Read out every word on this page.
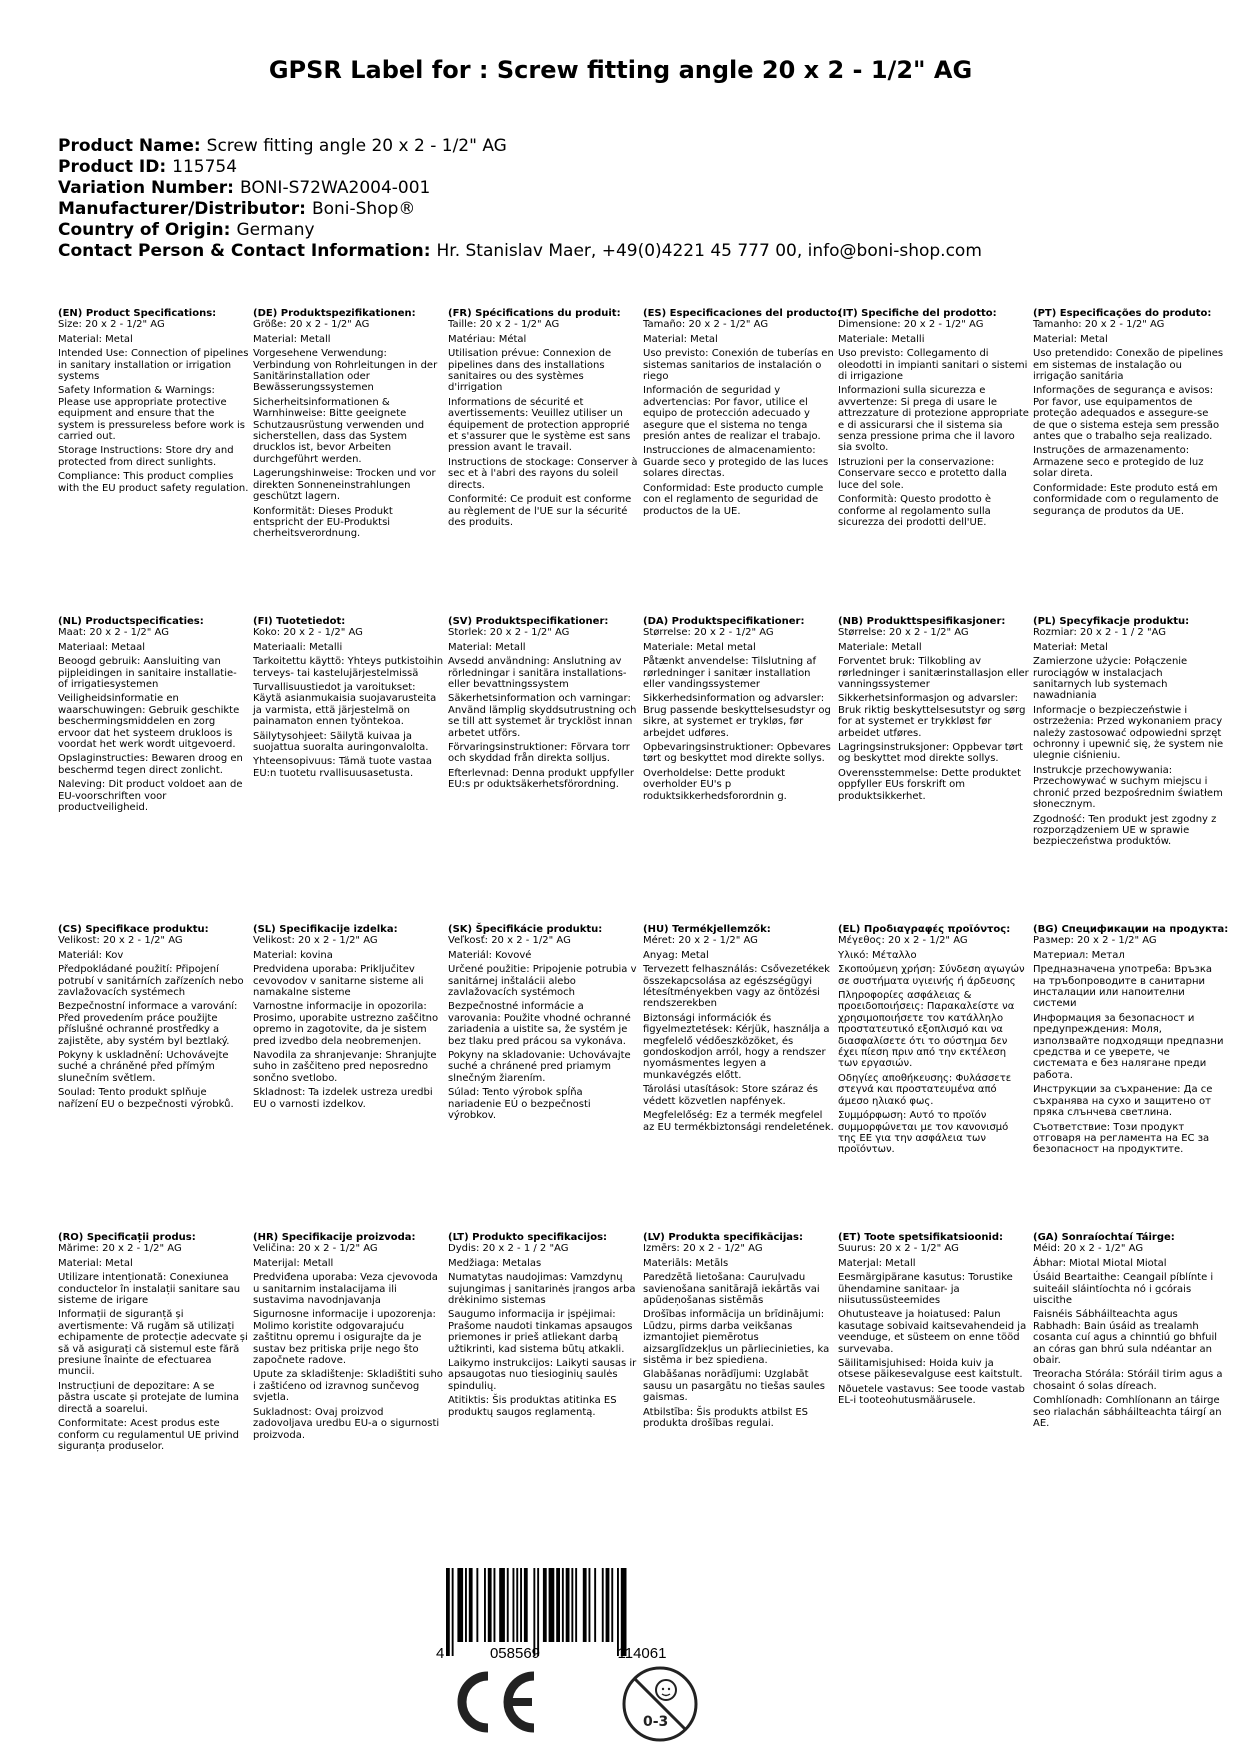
GPSR Label for : Screw fitting angle 20 x 2 - 1/2" AG
Product Name: Screw fitting angle 20 x 2 - 1/2" AG
Product ID: 115754
Variation Number: BONI-S72WA2004-001
Manufacturer/Distributor: Boni-Shop®
Country of Origin: Germany
Contact Person & Contact Information: Hr. Stanislav Maer, +49(0)4221 45 777 00, info@boni-shop.com
(EN) Product Specifications:
Size: 20 x 2 - 1/2" AG
Material: Metal
Intended Use: Connection of pipelines in sanitary installation or irrigation systems
Safety Information & Warnings: Please use appropriate protective equipment and ensure that the system is pressureless before work is carried out.
Storage Instructions: Store dry and protected from direct sunlights.
Compliance: This product complies with the EU product safety regulation.
(DE) Produktspezifikationen:
Größe: 20 x 2 - 1/2" AG
Material: Metall
Vorgesehene Verwendung: Verbindung von Rohrleitungen in der Sanitärinstallation oder Bewässerungssystemen
Sicherheitsinformationen & Warnhinweise: Bitte geeignete Schutzausrüstung verwenden und sicherstellen, dass das System drucklos ist, bevor Arbeiten durchgeführt werden.
Lagerungshinweise: Trocken und vor direkten Sonneneinstrahlungen geschützt lagern.
Konformität: Dieses Produkt entspricht der EU-Produktsi cherheitsverordnung.
(FR) Spécifications du produit:
Taille: 20 x 2 - 1/2" AG
Matériau: Métal
Utilisation prévue: Connexion de pipelines dans des installations sanitaires ou des systèmes d'irrigation
Informations de sécurité et avertissements: Veuillez utiliser un équipement de protection approprié et s'assurer que le système est sans pression avant le travail.
Instructions de stockage: Conserver à sec et à l'abri des rayons du soleil directs.
Conformité: Ce produit est conforme au règlement de l'UE sur la sécurité des produits.
(ES) Especificaciones del producto:
Tamaño: 20 x 2 - 1/2" AG
Material: Metal
Uso previsto: Conexión de tuberías en sistemas sanitarios de instalación o riego
Información de seguridad y advertencias: Por favor, utilice el equipo de protección adecuado y asegure que el sistema no tenga presión antes de realizar el trabajo.
Instrucciones de almacenamiento: Guarde seco y protegido de las luces solares directas.
Conformidad: Este producto cumple con el reglamento de seguridad de productos de la UE.
(IT) Specifiche del prodotto:
Dimensione: 20 x 2 - 1/2" AG
Materiale: Metalli
Uso previsto: Collegamento di oleodotti in impianti sanitari o sistemi di irrigazione
Informazioni sulla sicurezza e avvertenze: Si prega di usare le attrezzature di protezione appropriate e di assicurarsi che il sistema sia senza pressione prima che il lavoro sia svolto.
Istruzioni per la conservazione: Conservare secco e protetto dalla luce del sole.
Conformità: Questo prodotto è conforme al regolamento sulla sicurezza dei prodotti dell'UE.
(PT) Especificações do produto:
Tamanho: 20 x 2 - 1/2" AG
Material: Metal
Uso pretendido: Conexão de pipelines em sistemas de instalação ou irrigação sanitária
Informações de segurança e avisos: Por favor, use equipamentos de proteção adequados e assegure-se de que o sistema esteja sem pressão antes que o trabalho seja realizado.
Instruções de armazenamento: Armazene seco e protegido de luz solar direta.
Conformidade: Este produto está em conformidade com o regulamento de segurança de produtos da UE.
(NL) Productspecificaties:
Maat: 20 x 2 - 1/2" AG
Materiaal: Metaal
Beoogd gebruik: Aansluiting van pijpleidingen in sanitaire installatie- of irrigatiesystemen
Veiligheidsinformatie en waarschuwingen: Gebruik geschikte beschermingsmiddelen en zorg ervoor dat het systeem drukloos is voordat het werk wordt uitgevoerd.
Opslaginstructies: Bewaren droog en beschermd tegen direct zonlicht.
Naleving: Dit product voldoet aan de EU-voorschriften voor productveiligheid.
(FI) Tuotetiedot:
Koko: 20 x 2 - 1/2" AG
Materiaali: Metalli
Tarkoitettu käyttö: Yhteys putkistoihin terveys- tai kastelujärjestelmissä
Turvallisuustiedot ja varoitukset: Käytä asianmukaisia suojavarusteita ja varmista, että järjestelmä on painamaton ennen työntekoa.
Säilytysohjeet: Säilytä kuivaa ja suojattua suoralta auringonvalolta.
Yhteensopivuus: Tämä tuote vastaa EU:n tuotetu rvallisuusasetusta.
(SV) Produktspecifikationer:
Storlek: 20 x 2 - 1/2" AG
Material: Metall
Avsedd användning: Anslutning av rörledningar i sanitära installations- eller bevattningssystem
Säkerhetsinformation och varningar: Använd lämplig skyddsutrustning och se till att systemet är trycklöst innan arbetet utförs.
Förvaringsinstruktioner: Förvara torr och skyddad från direkta solljus.
Efterlevnad: Denna produkt uppfyller EU:s pr oduktsäkerhetsförordning.
(DA) Produktspecifikationer:
Størrelse: 20 x 2 - 1/2" AG
Materiale: Metal metal
Påtænkt anvendelse: Tilslutning af rørledninger i sanitær installation eller vandingssystemer
Sikkerhedsinformation og advarsler: Brug passende beskyttelsesudstyr og sikre, at systemet er trykløs, før arbejdet udføres.
Opbevaringsinstruktioner: Opbevares tørt og beskyttet mod direkte sollys.
Overholdelse: Dette produkt overholder EU's p roduktsikkerhedsforordnin g.
(NB) Produkttspesifikasjoner:
Størrelse: 20 x 2 - 1/2" AG
Materiale: Metall
Forventet bruk: Tilkobling av rørledninger i sanitærinstallasjon eller vanningssystemer
Sikkerhetsinformasjon og advarsler: Bruk riktig beskyttelsesutstyr og sørg for at systemet er trykkløst før arbeidet utføres.
Lagringsinstruksjoner: Oppbevar tørt og beskyttet mod direkte sollys.
Overensstemmelse: Dette produktet oppfyller EUs forskrift om produktsikkerhet.
(PL) Specyfikacje produktu:
Rozmiar: 20 x 2 - 1 / 2 "AG
Materiał: Metal
Zamierzone użycie: Połączenie rurociągów w instalacjach sanitarnych lub systemach nawadniania
Informacje o bezpieczeństwie i ostrzeżenia: Przed wykonaniem pracy należy zastosować odpowiedni sprzęt ochronny i upewnić się, że system nie ulegnie ciśnieniu.
Instrukcje przechowywania: Przechowywać w suchym miejscu i chronić przed bezpośrednim światłem słonecznym.
Zgodność: Ten produkt jest zgodny z rozporządzeniem UE w sprawie bezpieczeństwa produktów.
(CS) Specifikace produktu:
Velikost: 20 x 2 - 1/2" AG
Materiál: Kov
Předpokládané použití: Připojení potrubí v sanitárních zařízeních nebo zavlažovacích systémech
Bezpečnostní informace a varování: Před provedením práce použijte příslušné ochranné prostředky a zajistěte, aby systém byl beztlaký.
Pokyny k uskladnění: Uchovávejte suché a chráněné před přímým slunečním světlem.
Soulad: Tento produkt splňuje nařízení EU o bezpečnosti výrobků.
(SL) Specifikacije izdelka:
Velikost: 20 x 2 - 1/2" AG
Material: kovina
Predvidena uporaba: Priključitev cevovodov v sanitarne sisteme ali namakalne sisteme
Varnostne informacije in opozorila: Prosimo, uporabite ustrezno zaščitno opremo in zagotovite, da je sistem pred izvedbo dela neobremenjen.
Navodila za shranjevanje: Shranjujte suho in zaščiteno pred neposredno sončno svetlobo.
Skladnost: Ta izdelek ustreza uredbi EU o varnosti izdelkov.
(SK) Špecifikácie produktu:
Veľkosť: 20 x 2 - 1/2" AG
Materiál: Kovové
Určené použitie: Pripojenie potrubia v sanitárnej inštalácii alebo zavlažovacích systémoch
Bezpečnostné informácie a varovania: Použite vhodné ochranné zariadenia a uistite sa, že systém je bez tlaku pred prácou sa vykonáva.
Pokyny na skladovanie: Uchovávajte suché a chránené pred priamym slnečným žiarením.
Súlad: Tento výrobok spĺňa nariadenie EÚ o bezpečnosti výrobkov.
(HU) Termékjellemzők:
Méret: 20 x 2 - 1/2" AG
Anyag: Metal
Tervezett felhasználás: Csővezetékek összekapcsolása az egészségügyi létesítményekben vagy az öntözési rendszerekben
Biztonsági információk és figyelmeztetések: Kérjük, használja a megfelelő védőeszközöket, és gondoskodjon arról, hogy a rendszer nyomásmentes legyen a munkavégzés előtt.
Tárolási utasítások: Store száraz és védett közvetlen napfények.
Megfelelőség: Ez a termék megfelel az EU termékbiztonsági rendeletének.
(EL) Προδιαγραφές προϊόντος:
Μέγεθος: 20 x 2 - 1/2" AG
Υλικό: Μέταλλο
Σκοπούμενη χρήση: Σύνδεση αγωγών σε συστήματα υγιεινής ή άρδευσης
Πληροφορίες ασφάλειας & προειδοποιήσεις: Παρακαλείστε να χρησιμοποιήσετε τον κατάλληλο προστατευτικό εξοπλισμό και να διασφαλίσετε ότι το σύστημα δεν έχει πίεση πριν από την εκτέλεση των εργασιών.
Οδηγίες αποθήκευσης: Φυλάσσετε στεγνά και προστατευμένα από άμεσο ηλιακό φως.
Συμμόρφωση: Αυτό το προϊόν συμμορφώνεται με τον κανονισμό της ΕΕ για την ασφάλεια των προϊόντων.
(BG) Спецификации на продукта:
Размер: 20 x 2 - 1/2" AG
Материал: Метал
Предназначена употреба: Връзка на тръбопроводите в санитарни инсталации или напоителни системи
Информация за безопасност и предупреждения: Моля, използвайте подходящи предпазни средства и се уверете, че системата е без налягане преди работа.
Инструкции за съхранение: Да се съхранява на сухо и защитено от пряка слънчева светлина.
Съответствие: Този продукт отговаря на регламента на ЕС за безопасност на продуктите.
(RO) Specificații produs:
Mărime: 20 x 2 - 1/2" AG
Material: Metal
Utilizare intenționată: Conexiunea conductelor în instalații sanitare sau sisteme de irigare
Informații de siguranță și avertismente: Vă rugăm să utilizați echipamente de protecție adecvate și să vă asigurați că sistemul este fără presiune înainte de efectuarea muncii.
Instrucțiuni de depozitare: A se păstra uscate și protejate de lumina directă a soarelui.
Conformitate: Acest produs este conform cu regulamentul UE privind siguranța produselor.
(HR) Specifikacije proizvoda:
Veličina: 20 x 2 - 1/2" AG
Materijal: Metall
Predviđena uporaba: Veza cjevovoda u sanitarnim instalacijama ili sustavima navodnjavanja
Sigurnosne informacije i upozorenja: Molimo koristite odgovarajuću zaštitnu opremu i osigurajte da je sustav bez pritiska prije nego što započnete radove.
Upute za skladištenje: Skladištiti suho i zaštićeno od izravnog sunčevog svjetla.
Sukladnost: Ovaj proizvod zadovoljava uredbu EU-a o sigurnosti proizvoda.
(LT) Produkto specifikacijos:
Dydis: 20 x 2 - 1 / 2 "AG
Medžiaga: Metalas
Numatytas naudojimas: Vamzdynų sujungimas į sanitarinės įrangos arba drėkinimo sistemas
Saugumo informacija ir įspėjimai: Prašome naudoti tinkamas apsaugos priemones ir prieš atliekant darbą užtikrinti, kad sistema būtų atkakli.
Laikymo instrukcijos: Laikyti sausas ir apsaugotas nuo tiesioginių saulės spindulių.
Atitiktis: Šis produktas atitinka ES produktų saugos reglamentą.
(LV) Produkta specifikācijas:
Izmērs: 20 x 2 - 1/2" AG
Materiāls: Metāls
Paredzētā lietošana: Cauruļvadu savienošana sanitārajā iekārtās vai apūdeņošanas sistēmās
Drošības informācija un brīdinājumi: Lūdzu, pirms darba veikšanas izmantojiet piemērotus aizsarglīdzekļus un pārliecinieties, ka sistēma ir bez spiediena.
Glabāšanas norādījumi: Uzglabāt sausu un pasargātu no tiešas saules gaismas.
Atbilstība: Šis produkts atbilst ES produkta drošības regulai.
(ET) Toote spetsifikatsioonid:
Suurus: 20 x 2 - 1/2" AG
Materjal: Metall
Eesmärgipärane kasutus: Torustike ühendamine sanitaar- ja niisutussüsteemides
Ohutusteave ja hoiatused: Palun kasutage sobivaid kaitsevahendeid ja veenduge, et süsteem on enne tööd survevaba.
Säilitamisjuhised: Hoida kuiv ja otsese päikesevalguse eest kaitstult.
Nõuetele vastavus: See toode vastab EL-i tooteohutusmäärusele.
(GA) Sonraíochtaí Táirge:
Méid: 20 x 2 - 1/2" AG
Ábhar: Miotal Miotal Miotal
Úsáid Beartaithe: Ceangail píblínte i suiteáil sláintíochta nó i gcórais uiscithe
Faisnéis Sábháilteachta agus Rabhadh: Bain úsáid as trealamh cosanta cuí agus a chinntiú go bhfuil an córas gan bhrú sula ndéantar an obair.
Treoracha Stórála: Stóráil tirim agus a chosaint ó solas díreach.
Comhlíonadh: Comhlíonann an táirge seo rialachán sábháilteachta táirgí an AE.
4	058569	114061
0-3
